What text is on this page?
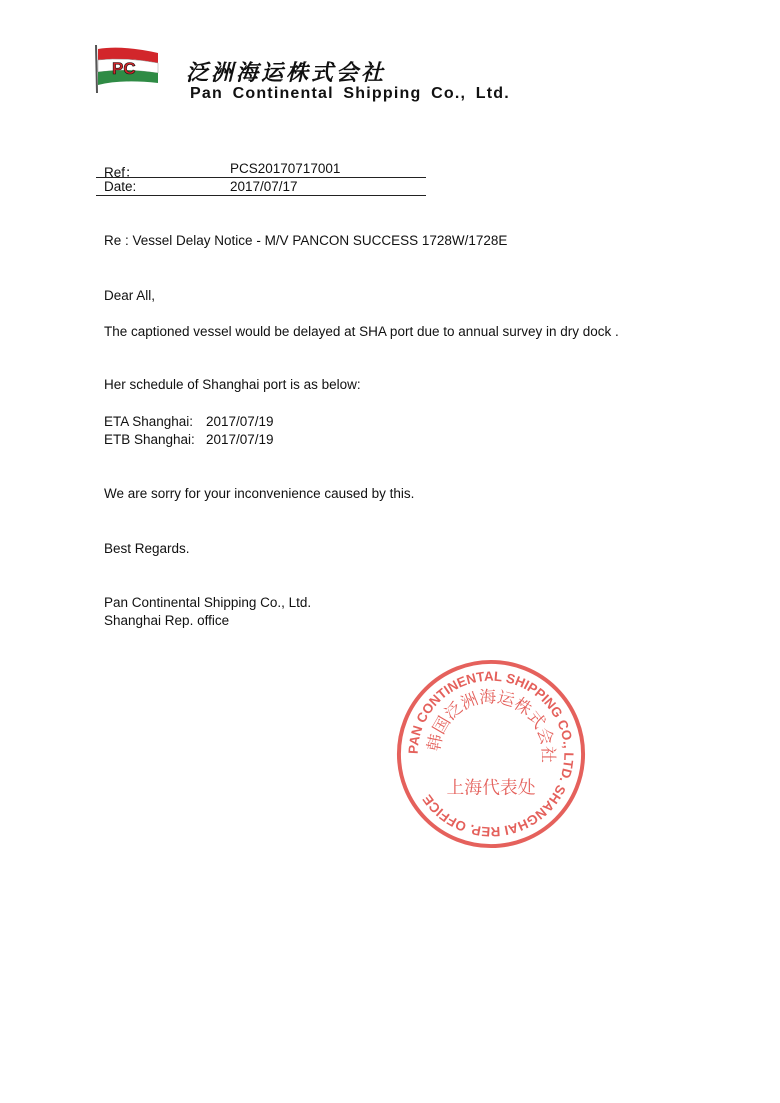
PC 泛洲海运株式会社
Pan Continental Shipping Co., Ltd.
Ref：	PCS20170717001
Date:	2017/07/17
Re : Vessel Delay Notice - M/V PANCON SUCCESS 1728W/1728E
Dear All,
The captioned vessel would be delayed at SHA port due to annual survey in dry dock .
Her schedule of Shanghai port is as below:
ETA Shanghai: 2017/07/19
ETB Shanghai: 2017/07/19
We are sorry for your inconvenience caused by this.
Best Regards.
Pan Continental Shipping Co., Ltd.
Shanghai Rep. office
PAN CONTINENTAL SHIPPING CO., LTD. SHANGHAI REP. OFFICE
韩国泛洲海运株式会社
上海代表处
